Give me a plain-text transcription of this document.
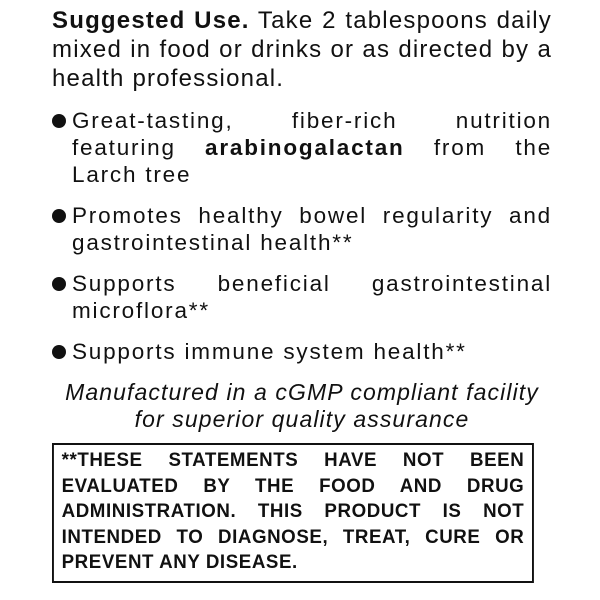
Suggested Use. Take 2 tablespoons daily mixed in food or drinks or as directed by a health professional.

Great-tasting, fiber-rich nutrition featuring arabinogalactan from the Larch tree
Promotes healthy bowel regularity and gastrointestinal health**
Supports beneficial gastrointestinal microflora**
Supports immune system health**

Manufactured in a cGMP compliant facility for superior quality assurance

**THESE STATEMENTS HAVE NOT BEEN EVALUATED BY THE FOOD AND DRUG ADMINISTRATION. THIS PRODUCT IS NOT INTENDED TO DIAGNOSE, TREAT, CURE OR PREVENT ANY DISEASE.
